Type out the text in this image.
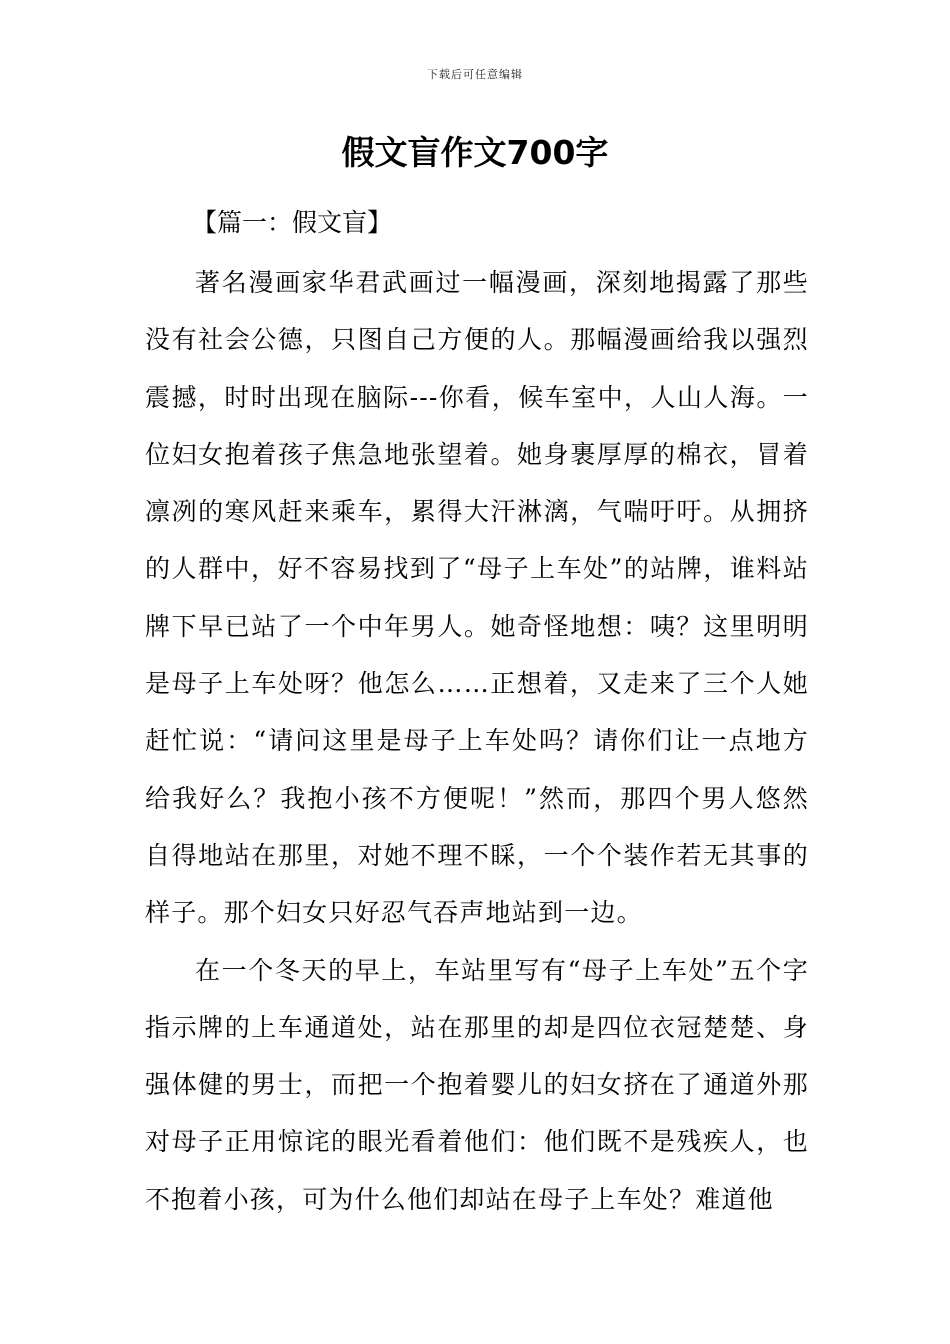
下载后可任意编辑
假文盲作文700字
【篇一：假文盲】

著名漫画家华君武画过一幅漫画，深刻地揭露了那些没有社会公德，只图自己方便的人。那幅漫画给我以强烈震撼，时时出现在脑际---你看，候车室中，人山人海。一位妇女抱着孩子焦急地张望着。她身裹厚厚的棉衣，冒着凛冽的寒风赶来乘车，累得大汗淋漓，气喘吁吁。从拥挤的人群中，好不容易找到了“母子上车处”的站牌，谁料站牌下早已站了一个中年男人。她奇怪地想：咦？这里明明是母子上车处呀？他怎么……正想着，又走来了三个人她赶忙说：“请问这里是母子上车处吗？请你们让一点地方给我好么？我抱小孩不方便呢！”然而，那四个男人悠然自得地站在那里，对她不理不睬，一个个装作若无其事的样子。那个妇女只好忍气吞声地站到一边。

在一个冬天的早上，车站里写有“母子上车处”五个字指示牌的上车通道处，站在那里的却是四位衣冠楚楚、身强体健的男士，而把一个抱着婴儿的妇女挤在了通道外那对母子正用惊诧的眼光看着他们：他们既不是残疾人，也不抱着小孩，可为什么他们却站在母子上车处？难道他
